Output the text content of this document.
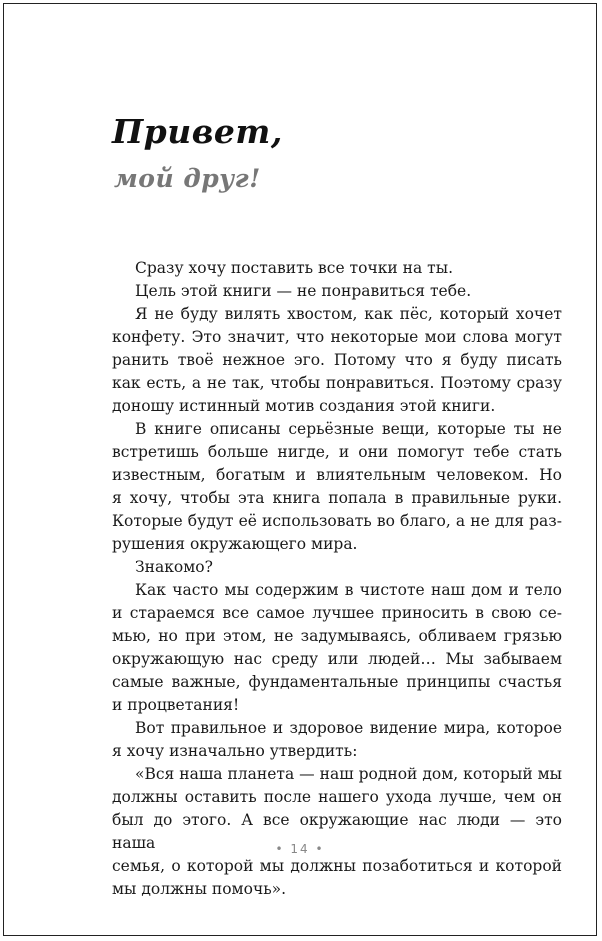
Привет,
мой друг!
Сразу хочу поставить все точки на ты.
Цель этой книги — не понравиться тебе.
Я не буду вилять хвостом, как пёс, который хочет
конфету. Это значит, что некоторые мои слова могут
ранить твоё нежное эго. Потому что я буду писать
как есть, а не так, чтобы понравиться. Поэтому сразу
доношу истинный мотив создания этой книги.
В книге описаны серьёзные вещи, которые ты не
встретишь больше нигде, и они помогут тебе стать
известным, богатым и влиятельным человеком. Но
я хочу, чтобы эта книга попала в правильные руки.
Которые будут её использовать во благо, а не для раз-
рушения окружающего мира.
Знакомо?
Как часто мы содержим в чистоте наш дом и тело
и стараемся все самое лучшее приносить в свою се-
мью, но при этом, не задумываясь, обливаем грязью
окружающую нас среду или людей… Мы забываем
самые важные, фундаментальные принципы счастья
и процветания!
Вот правильное и здоровое видение мира, которое
я хочу изначально утвердить:
«Вся наша планета — наш родной дом, который мы
должны оставить после нашего ухода лучше, чем он
был до этого. А все окружающие нас люди — это наша
семья, о которой мы должны позаботиться и которой
мы должны помочь».
• 14 •
